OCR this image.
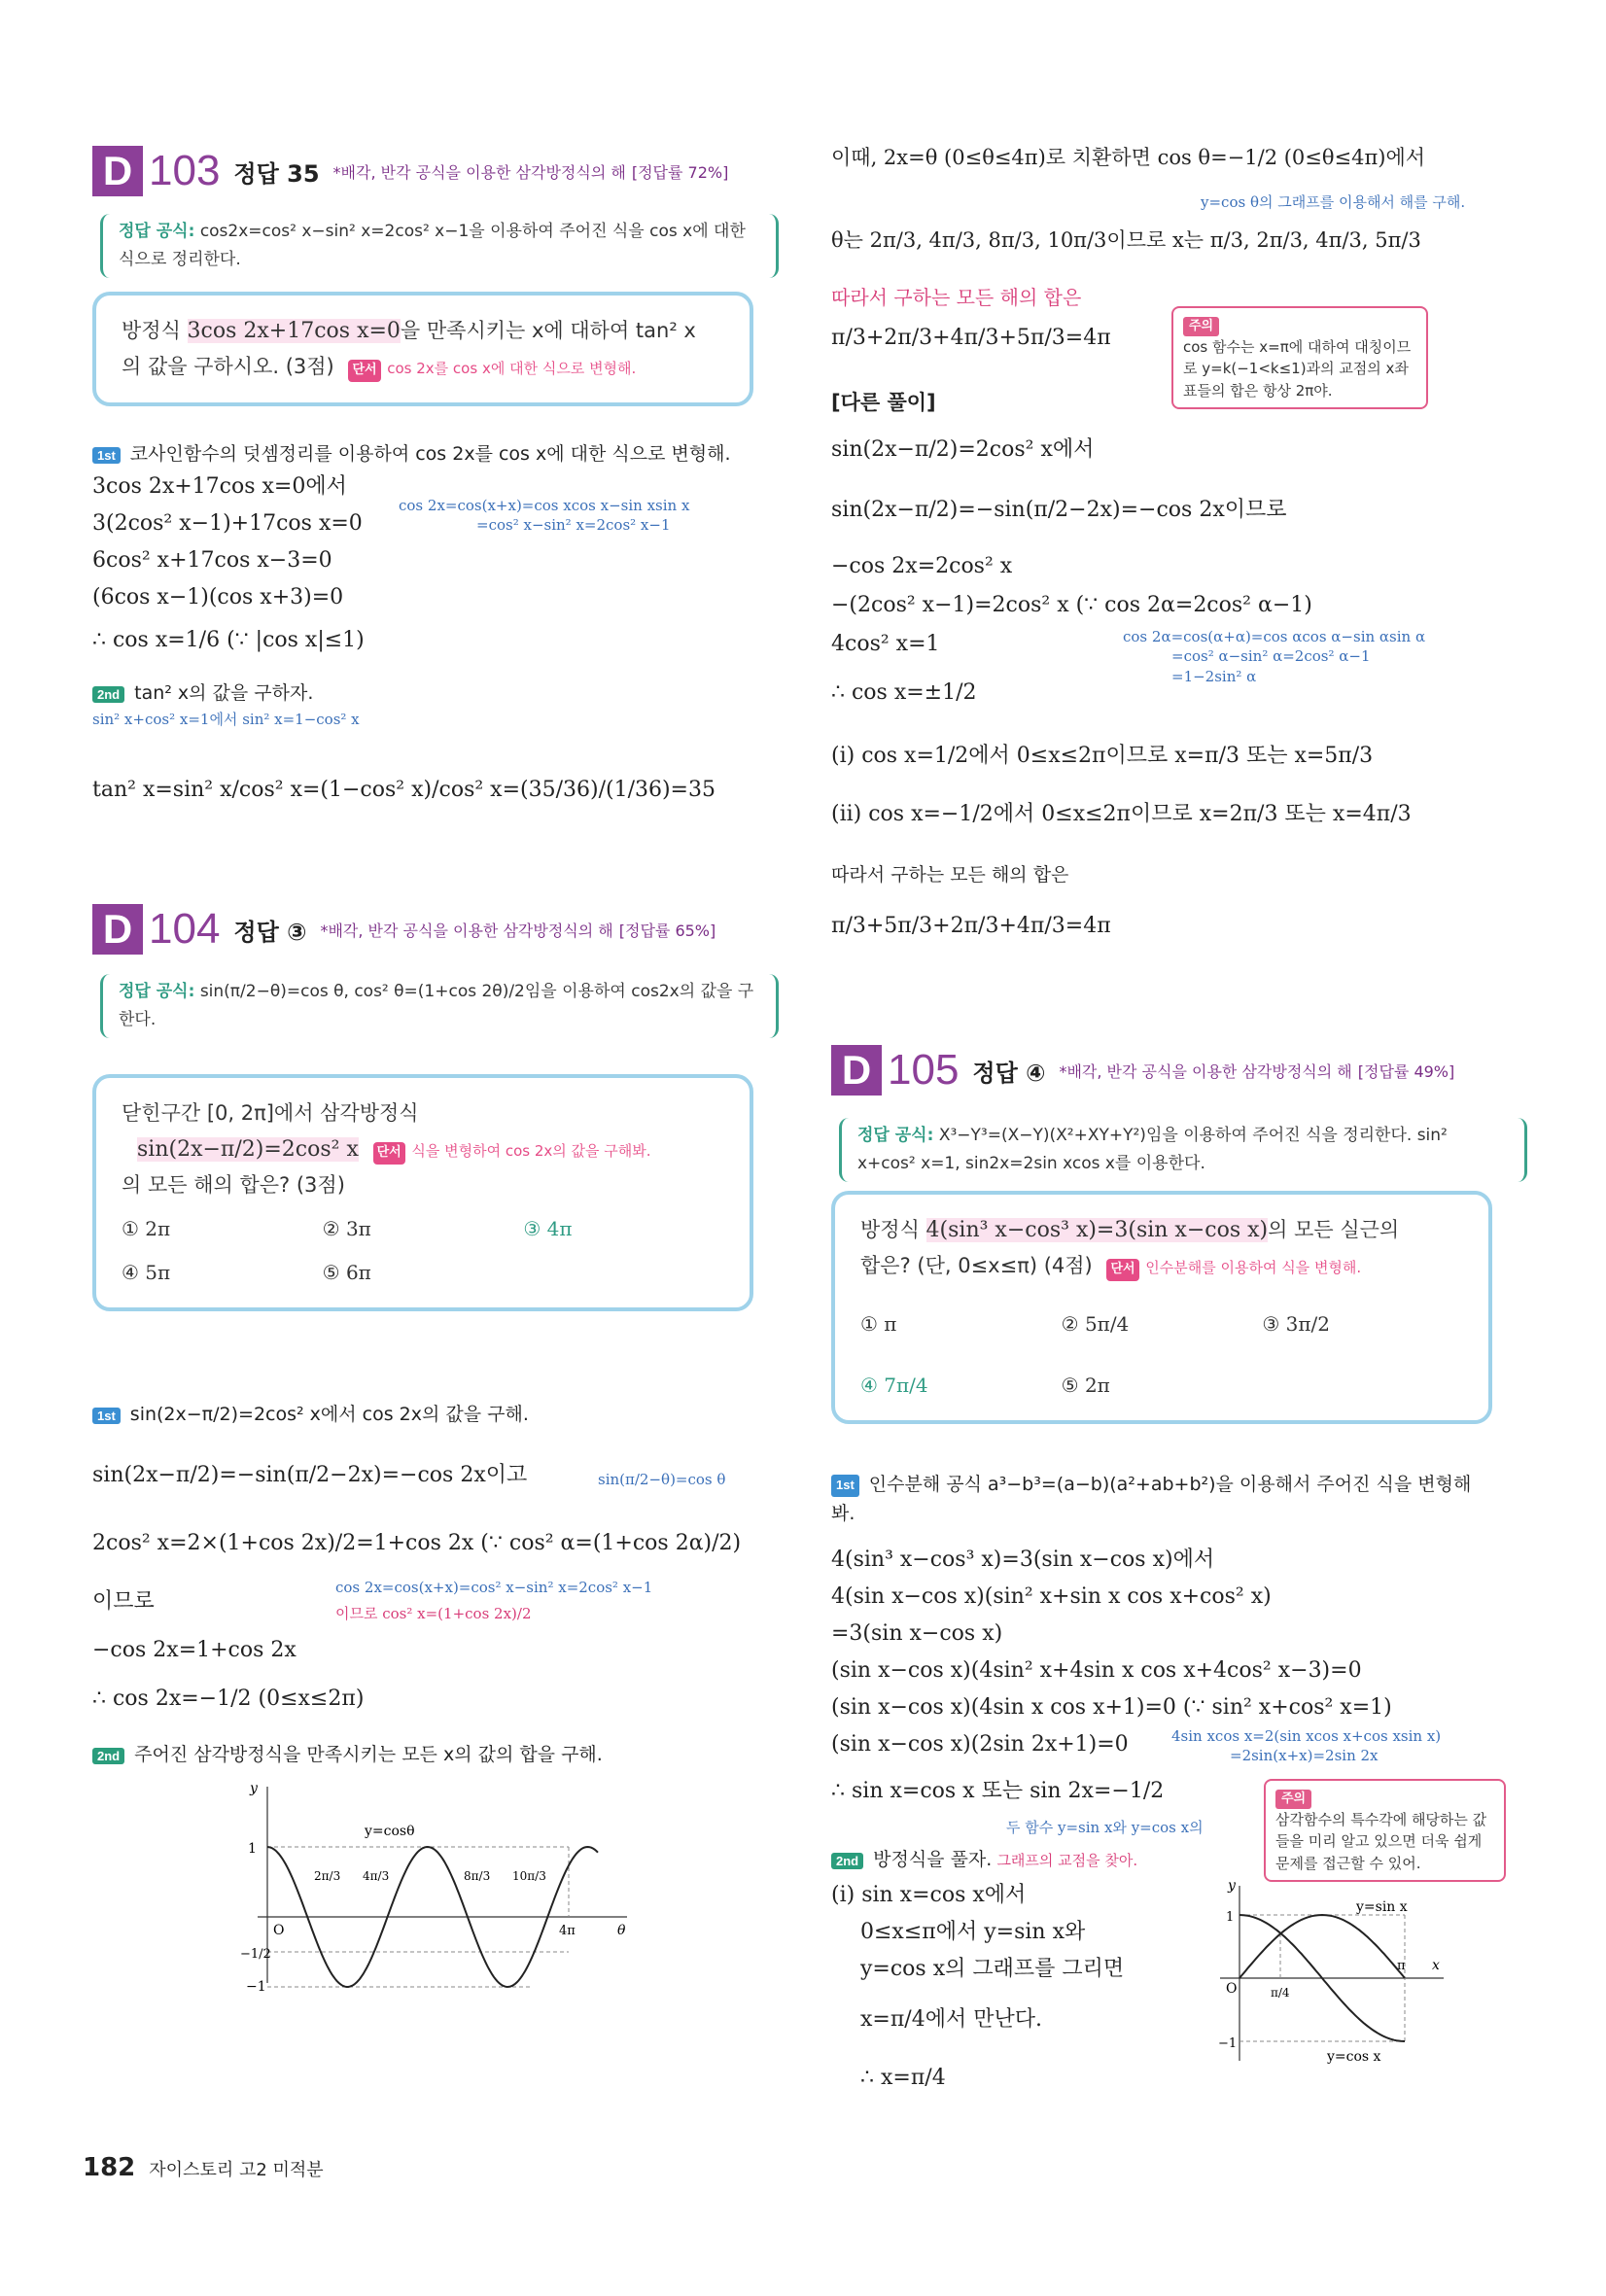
D 103 정답 35 *배각, 반각 공식을 이용한 삼각방정식의 해 [정답률 72%]
정답 공식: cos2x=cos² x−sin² x=2cos² x−1을 이용하여 주어진 식을 cos x에 대한 식으로 정리한다.
방정식 3cos 2x+17cos x=0을 만족시키는 x에 대하여 tan² x
의 값을 구하시오. (3점) 단서 cos 2x를 cos x에 대한 식으로 변형해.
1st 코사인함수의 덧셈정리를 이용하여 cos 2x를 cos x에 대한 식으로 변형해.
3cos 2x+17cos x=0에서
3(2cos² x−1)+17cos x=0
cos 2x=cos(x+x)=cos xcos x−sin xsin x
=cos² x−sin² x=2cos² x−1
6cos² x+17cos x−3=0
(6cos x−1)(cos x+3)=0
∴ cos x=1/6 (∵ |cos x|≤1)
2nd tan² x의 값을 구하자.
sin² x+cos² x=1에서 sin² x=1−cos² x
tan² x=sin² x/cos² x=(1−cos² x)/cos² x=(35/36)/(1/36)=35
D 104 정답 ③ *배각, 반각 공식을 이용한 삼각방정식의 해 [정답률 65%]
정답 공식: sin(π/2−θ)=cos θ, cos² θ=(1+cos 2θ)/2임을 이용하여 cos2x의 값을 구한다.
닫힌구간 [0, 2π]에서 삼각방정식
sin(2x−π/2)=2cos² x 단서 식을 변형하여 cos 2x의 값을 구해봐.
의 모든 해의 합은? (3점)
① 2π	② 3π	③ 4π
④ 5π	⑤ 6π
1st sin(2x−π/2)=2cos² x에서 cos 2x의 값을 구해.
sin(2x−π/2)=−sin(π/2−2x)=−cos 2x이고	sin(π/2−θ)=cos θ
2cos² x=2×(1+cos 2x)/2=1+cos 2x (∵ cos² α=(1+cos 2α)/2)
cos 2x=cos(x+x)=cos² x−sin² x=2cos² x−1
이므로 cos² x=(1+cos 2x)/2
이므로
−cos 2x=1+cos 2x
∴ cos 2x=−1/2 (0≤x≤2π)
2nd 주어진 삼각방정식을 만족시키는 모든 x의 값의 합을 구해.
y
1
−1/2
−1
O	4π	θ
y=cosθ
2π/3 4π/3	8π/3 10π/3
이때, 2x=θ (0≤θ≤4π)로 치환하면 cos θ=−1/2 (0≤θ≤4π)에서
y=cos θ의 그래프를 이용해서 해를 구해.
θ는 2π/3, 4π/3, 8π/3, 10π/3이므로 x는 π/3, 2π/3, 4π/3, 5π/3
따라서 구하는 모든 해의 합은
π/3+2π/3+4π/3+5π/3=4π	주의
cos 함수는 x=π에 대하여 대칭이므로 y=k(−1<k≤1)과의 교점의 x좌표들의 합은 항상 2π야.
[다른 풀이]
sin(2x−π/2)=2cos² x에서
sin(2x−π/2)=−sin(π/2−2x)=−cos 2x이므로
−cos 2x=2cos² x
−(2cos² x−1)=2cos² x (∵ cos 2α=2cos² α−1)
cos 2α=cos(α+α)=cos αcos α−sin αsin α
=cos² α−sin² α=2cos² α−1
=1−2sin² α
4cos² x=1
∴ cos x=±1/2
(i) cos x=1/2에서 0≤x≤2π이므로 x=π/3 또는 x=5π/3
(ii) cos x=−1/2에서 0≤x≤2π이므로 x=2π/3 또는 x=4π/3
따라서 구하는 모든 해의 합은
π/3+5π/3+2π/3+4π/3=4π
D 105 정답 ④ *배각, 반각 공식을 이용한 삼각방정식의 해 [정답률 49%]
정답 공식: X³−Y³=(X−Y)(X²+XY+Y²)임을 이용하여 주어진 식을 정리한다. sin² x+cos² x=1, sin2x=2sin xcos x를 이용한다.
방정식 4(sin³ x−cos³ x)=3(sin x−cos x)의 모든 실근의
합은? (단, 0≤x≤π) (4점) 단서 인수분해를 이용하여 식을 변형해.
① π	② 5π/4	③ 3π/2
④ 7π/4	⑤ 2π
1st 인수분해 공식 a³−b³=(a−b)(a²+ab+b²)을 이용해서 주어진 식을 변형해 봐.
4(sin³ x−cos³ x)=3(sin x−cos x)에서
4(sin x−cos x)(sin² x+sin x cos x+cos² x)
=3(sin x−cos x)
(sin x−cos x)(4sin² x+4sin x cos x+4cos² x−3)=0
(sin x−cos x)(4sin x cos x+1)=0 (∵ sin² x+cos² x=1)
(sin x−cos x)(2sin 2x+1)=0	4sin xcos x=2(sin xcos x+cos xsin x)
=2sin(x+x)=2sin 2x
∴ sin x=cos x 또는 sin 2x=−1/2
두 함수 y=sin x와 y=cos x의
주의
삼각함수의 특수각에 해당하는 값들을 미리 알고 있으면 더욱 쉽게 문제를 접근할 수 있어.
2nd 방정식을 풀자. 그래프의 교점을 찾아.
(i) sin x=cos x에서
0≤x≤π에서 y=sin x와
y=cos x의 그래프를 그리면
x=π/4에서 만난다.
∴ x=π/4
y
1
−1
O	π/4
π x
y=sin x
y=cos x
182 자이스토리 고2 미적분
